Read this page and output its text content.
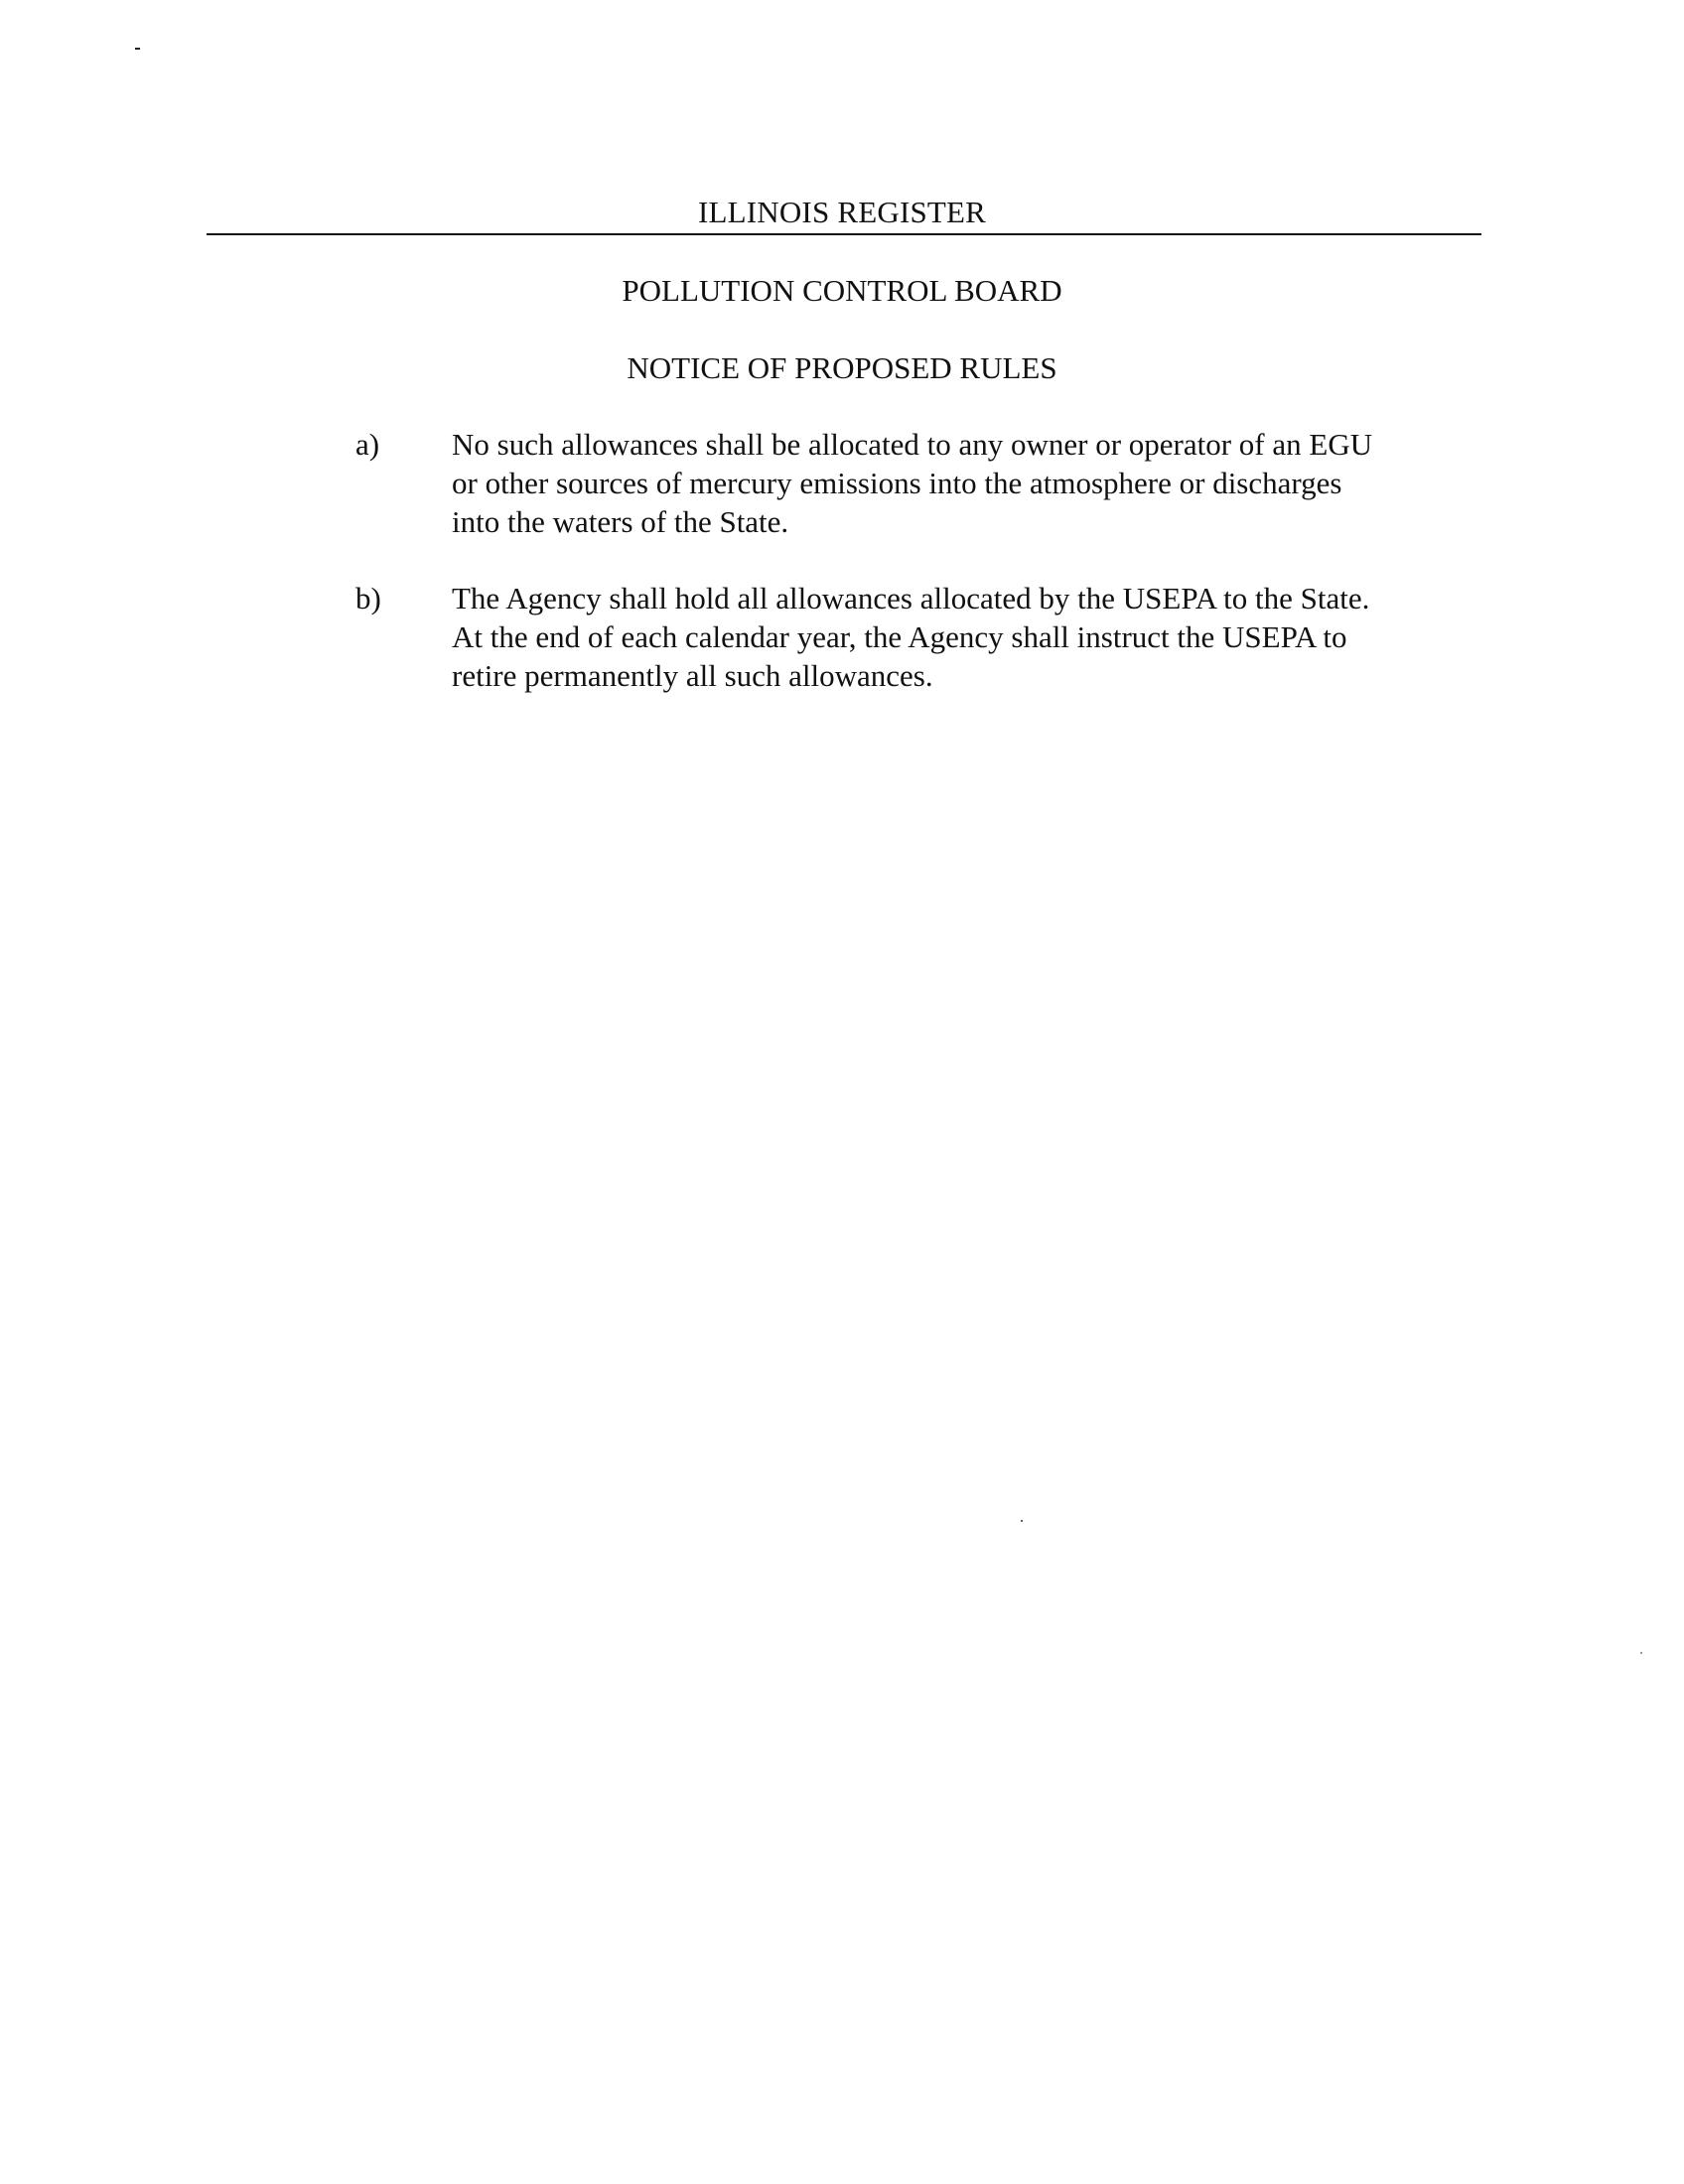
ILLINOIS REGISTER
POLLUTION CONTROL BOARD
NOTICE OF PROPOSED RULES
a) No such allowances shall be allocated to any owner or operator of an EGU
or other sources of mercury emissions into the atmosphere or discharges
into the waters of the State.
b) The Agency shall hold all allowances allocated by the USEPA to the State.
At the end of each calendar year, the Agency shall instruct the USEPA to
retire permanently all such allowances.
